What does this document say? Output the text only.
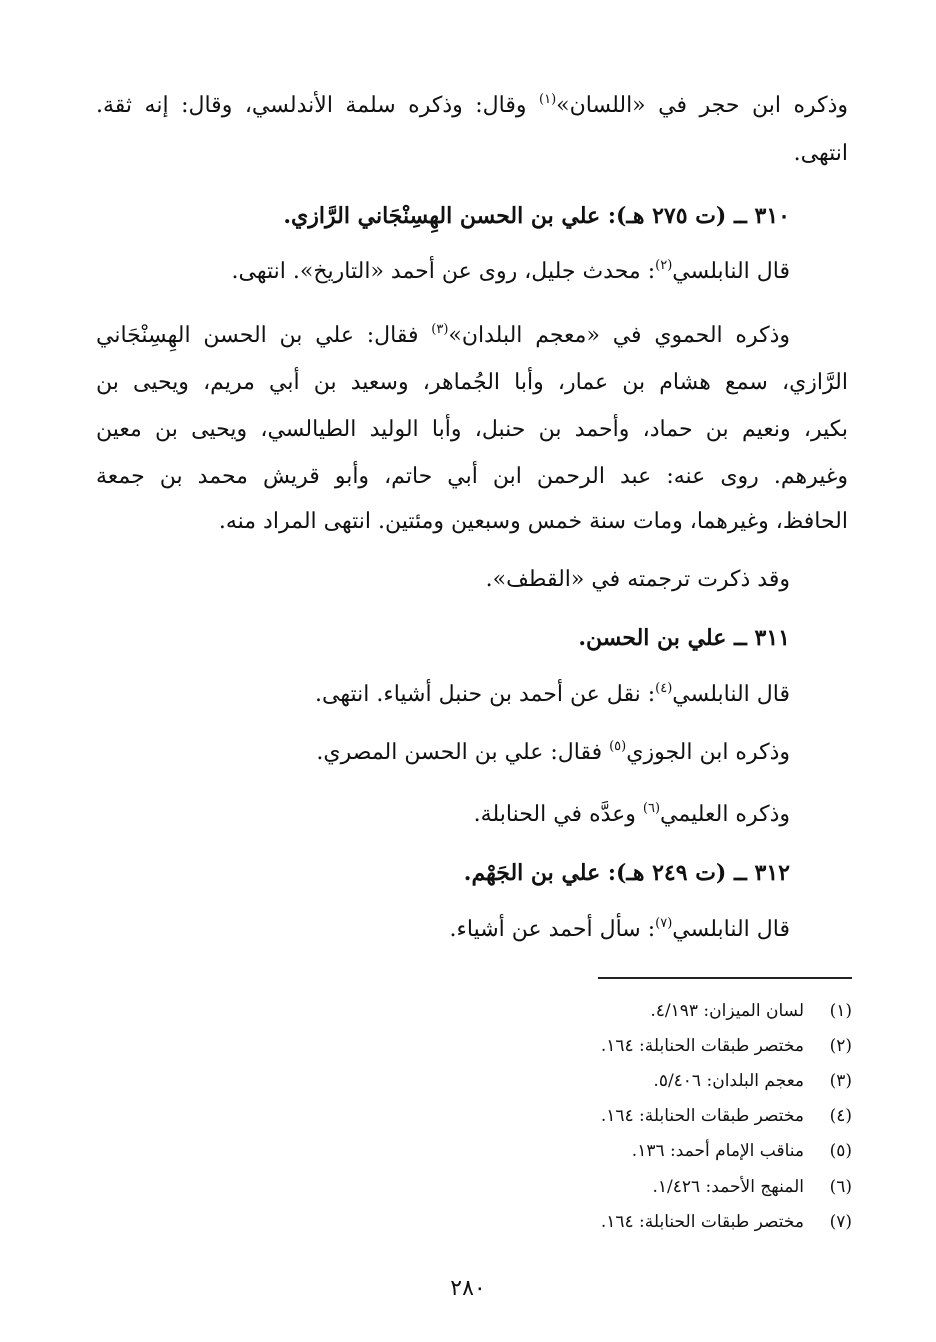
وذكره ابن حجر في «اللسان»$^{(١)}$ وقال: وذكره سلمة الأندلسي، وقال: إنه ثقة.
انتهى.
٣١٠ ــ (ت ٢٧٥ هـ): علي بن الحسن الهِسِنْجَاني الرَّازي.
قال النابلسي$^{(٢)}$: محدث جليل، روى عن أحمد «التاريخ». انتهى.
وذكره الحموي في «معجم البلدان»$^{(٣)}$ فقال: علي بن الحسن الهِسِنْجَاني
الرَّازي، سمع هشام بن عمار، وأبا الجُماهر، وسعيد بن أبي مريم، ويحيى بن
بكير، ونعيم بن حماد، وأحمد بن حنبل، وأبا الوليد الطيالسي، ويحيى بن معين
وغيرهم. روى عنه: عبد الرحمن ابن أبي حاتم، وأبو قريش محمد بن جمعة
الحافظ، وغيرهما، ومات سنة خمس وسبعين ومئتين. انتهى المراد منه.
وقد ذكرت ترجمته في «القطف».
٣١١ ــ علي بن الحسن.
قال النابلسي$^{(٤)}$: نقل عن أحمد بن حنبل أشياء. انتهى.
وذكره ابن الجوزي$^{(٥)}$ فقال: علي بن الحسن المصري.
وذكره العليمي$^{(٦)}$ وعدَّه في الحنابلة.
٣١٢ ــ (ت ٢٤٩ هـ): علي بن الجَهْم.
قال النابلسي$^{(٧)}$: سأل أحمد عن أشياء.
(١)لسان الميزان: ٤/١٩٣.
(٢)مختصر طبقات الحنابلة: ١٦٤.
(٣)معجم البلدان: ٥/٤٠٦.
(٤)مختصر طبقات الحنابلة: ١٦٤.
(٥)مناقب الإمام أحمد: ١٣٦.
(٦)المنهج الأحمد: ١/٤٢٦.
(٧)مختصر طبقات الحنابلة: ١٦٤.
٢٨٠
